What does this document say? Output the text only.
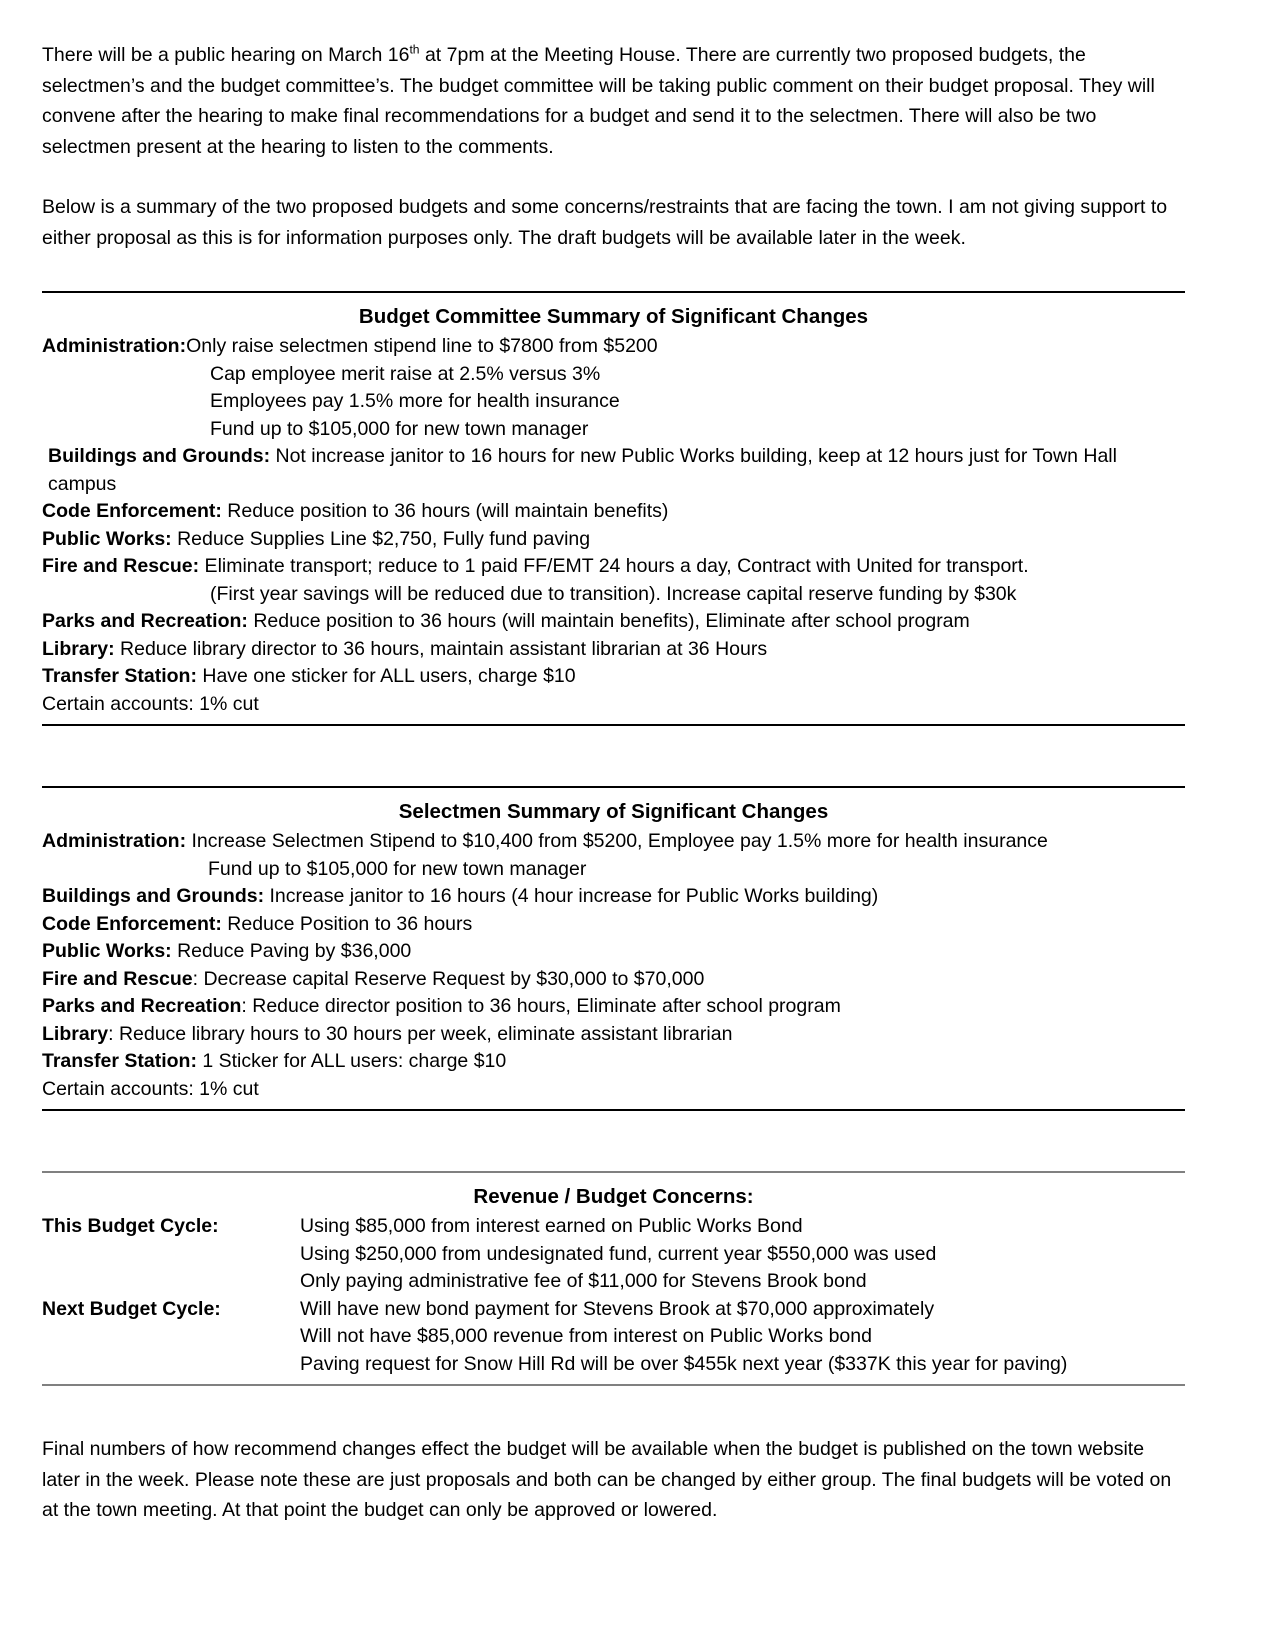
There will be a public hearing on March 16th at 7pm at the Meeting House. There are currently two proposed budgets, the selectmen’s and the budget committee’s. The budget committee will be taking public comment on their budget proposal. They will convene after the hearing to make final recommendations for a budget and send it to the selectmen. There will also be two selectmen present at the hearing to listen to the comments.

Below is a summary of the two proposed budgets and some concerns/restraints that are facing the town. I am not giving support to either proposal as this is for information purposes only. The draft budgets will be available later in the week.

Budget Committee Summary of Significant Changes
Administration:Only raise selectmen stipend line to $7800 from $5200
Cap employee merit raise at 2.5% versus 3%
Employees pay 1.5% more for health insurance
Fund up to $105,000 for new town manager
Buildings and Grounds: Not increase janitor to 16 hours for new Public Works building, keep at 12 hours just for Town Hall campus
Code Enforcement: Reduce position to 36 hours (will maintain benefits)
Public Works: Reduce Supplies Line $2,750, Fully fund paving
Fire and Rescue: Eliminate transport; reduce to 1 paid FF/EMT 24 hours a day, Contract with United for transport.
(First year savings will be reduced due to transition). Increase capital reserve funding by $30k
Parks and Recreation: Reduce position to 36 hours (will maintain benefits), Eliminate after school program
Library: Reduce library director to 36 hours, maintain assistant librarian at 36 Hours
Transfer Station: Have one sticker for ALL users, charge $10
Certain accounts: 1% cut
Selectmen Summary of Significant Changes
Administration: Increase Selectmen Stipend to $10,400 from $5200, Employee pay 1.5% more for health insurance
Fund up to $105,000 for new town manager
Buildings and Grounds: Increase janitor to 16 hours (4 hour increase for Public Works building)
Code Enforcement: Reduce Position to 36 hours
Public Works: Reduce Paving by $36,000
Fire and Rescue: Decrease capital Reserve Request by $30,000 to $70,000
Parks and Recreation: Reduce director position to 36 hours, Eliminate after school program
Library: Reduce library hours to 30 hours per week, eliminate assistant librarian
Transfer Station: 1 Sticker for ALL users: charge $10
Certain accounts: 1% cut
Revenue / Budget Concerns:
This Budget Cycle:	Using $85,000 from interest earned on Public Works Bond
Using $250,000 from undesignated fund, current year $550,000 was used
Only paying administrative fee of $11,000 for Stevens Brook bond
Next Budget Cycle:	Will have new bond payment for Stevens Brook at $70,000 approximately
Will not have $85,000 revenue from interest on Public Works bond
Paving request for Snow Hill Rd will be over $455k next year ($337K this year for paving)

Final numbers of how recommend changes effect the budget will be available when the budget is published on the town website later in the week. Please note these are just proposals and both can be changed by either group. The final budgets will be voted on at the town meeting. At that point the budget can only be approved or lowered.
